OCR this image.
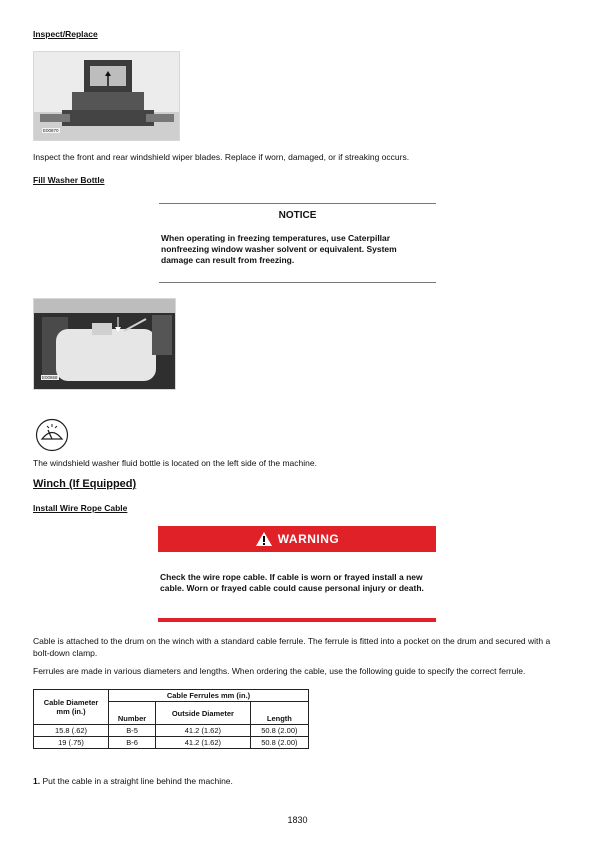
Inspect/Replace
E00870
Inspect the front and rear windshield wiper blades. Replace if worn, damaged, or if streaking occurs.
Fill Washer Bottle
NOTICE
When operating in freezing temperatures, use Caterpillar nonfreezing window washer solvent or equivalent. System damage can result from freezing.
E00868
The windshield washer fluid bottle is located on the left side of the machine.
Winch (If Equipped)
Install Wire Rope Cable
WARNING
Check the wire rope cable. If cable is worn or frayed install a new cable. Worn or frayed cable could cause personal injury or death.
Cable is attached to the drum on the winch with a standard cable ferrule. The ferrule is fitted into a pocket on the drum and secured with a bolt-down clamp.
Ferrules are made in various diameters and lengths. When ordering the cable, use the following guide to specify the correct ferrule.
Cable Diameter mm (in.)	Cable Ferrules mm (in.)		
	Number	Outside Diameter	Length
15.8 (.62)	B-5	41.2 (1.62)	50.8 (2.00)
19 (.75)	B-6	41.2 (1.62)	50.8 (2.00)
1. Put the cable in a straight line behind the machine.
1830
